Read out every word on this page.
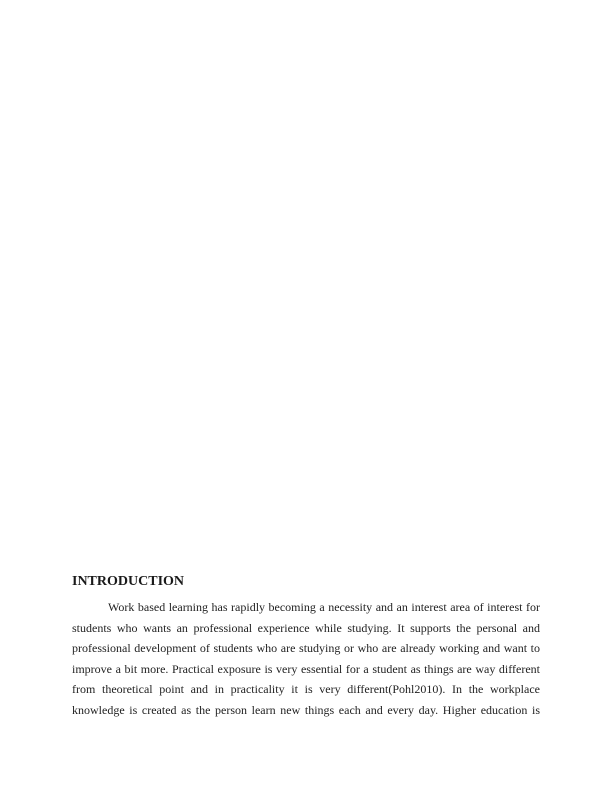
INTRODUCTION
Work based learning has rapidly becoming a necessity and an interest area of interest for
students who wants an professional experience while studying. It supports the personal and
professional development of students who are studying or who are already working and want to
improve a bit more. Practical exposure is very essential for a student as things are way different
from theoretical point and in practicality it is very different(Pohl2010). In the workplace
knowledge is created as the person learn new things each and every day. Higher education is
